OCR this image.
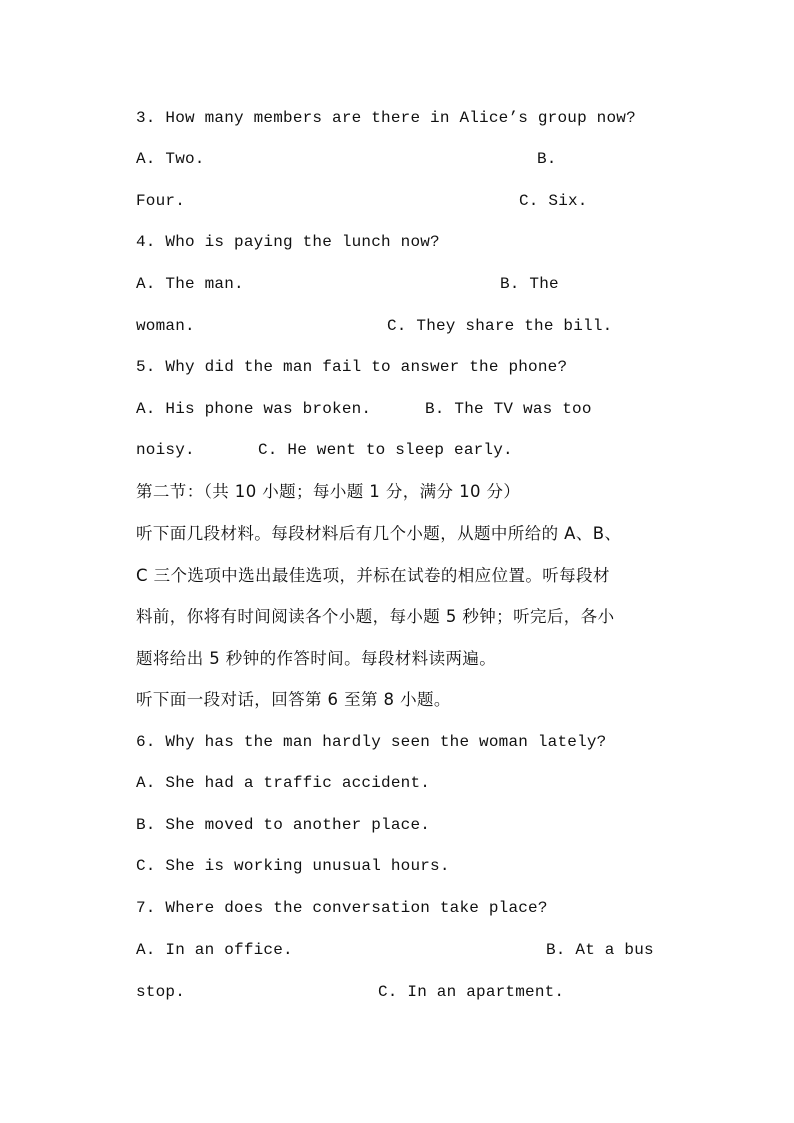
3. How many members are there in Alice’s group now?
A. Two.	B.
Four.	C. Six.
4. Who is paying the lunch now?
A. The man.	B. The
woman.	C. They share the bill.
5. Why did the man fail to answer the phone?
A. His phone was broken.	B. The TV was too
noisy.	C. He went to sleep early.
第二节：（共 10 小题；每小题 1 分，满分 10 分）
听下面几段材料。每段材料后有几个小题，从题中所给的 A、B、
C 三个选项中选出最佳选项，并标在试卷的相应位置。听每段材
料前，你将有时间阅读各个小题，每小题 5 秒钟；听完后，各小
题将给出 5 秒钟的作答时间。每段材料读两遍。
听下面一段对话，回答第 6 至第 8 小题。
6. Why has the man hardly seen the woman lately?
A. She had a traffic accident.
B. She moved to another place.
C. She is working unusual hours.
7. Where does the conversation take place?
A. In an office.	B. At a bus
stop.	C. In an apartment.
